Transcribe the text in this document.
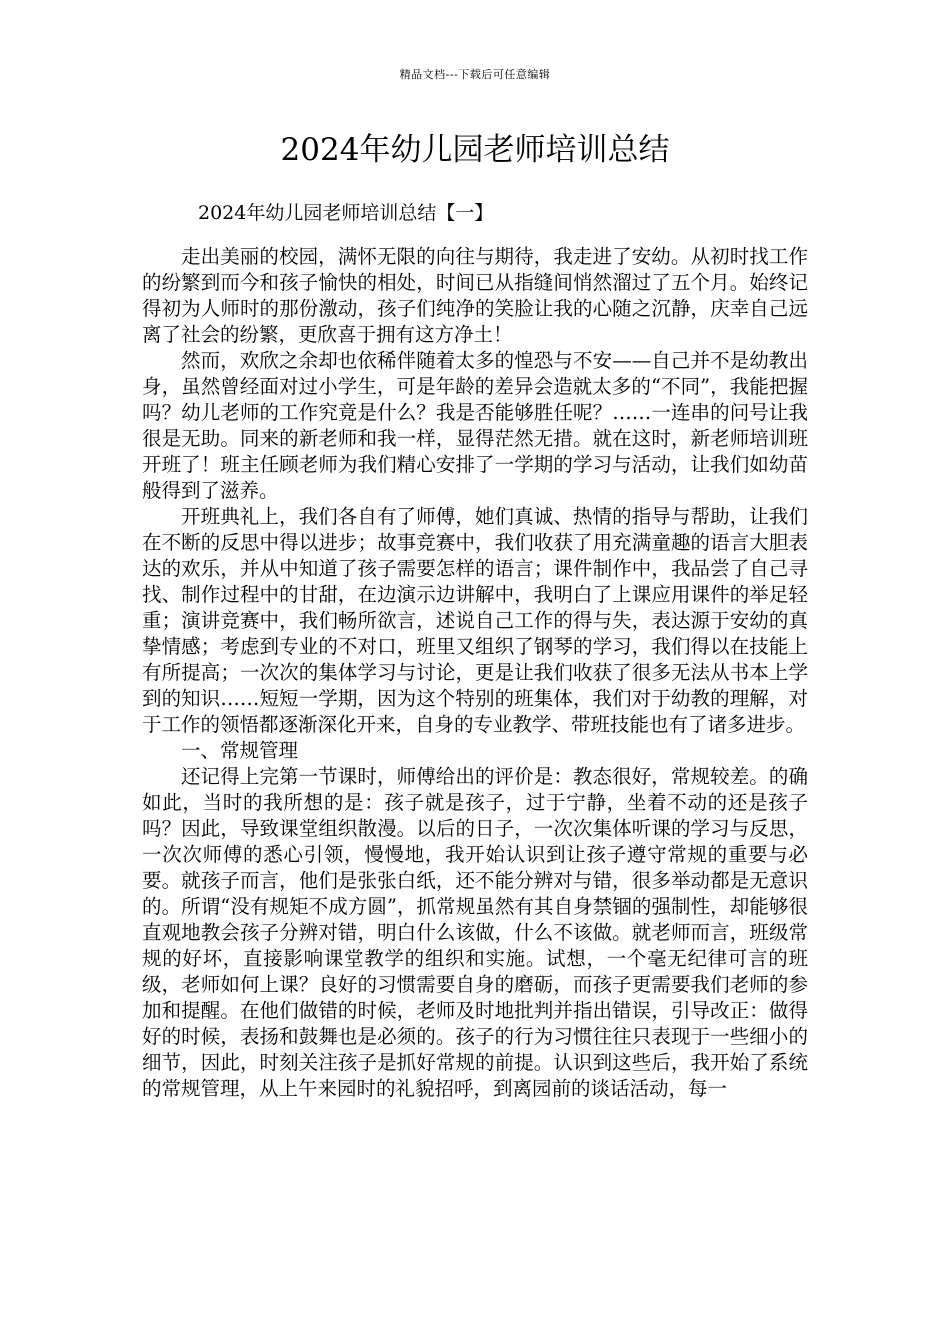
精品文档---下载后可任意编辑
2024年幼儿园老师培训总结
2024年幼儿园老师培训总结【一】

走出美丽的校园，满怀无限的向往与期待，我走进了安幼。从初时找工作的纷繁到而今和孩子愉快的相处，时间已从指缝间悄然溜过了五个月。始终记得初为人师时的那份激动，孩子们纯净的笑脸让我的心随之沉静，庆幸自己远离了社会的纷繁，更欣喜于拥有这方净土！

然而，欢欣之余却也依稀伴随着太多的惶恐与不安——自己并不是幼教出身，虽然曾经面对过小学生，可是年龄的差异会造就太多的“不同”，我能把握吗？幼儿老师的工作究竟是什么？我是否能够胜任呢？……一连串的问号让我很是无助。同来的新老师和我一样，显得茫然无措。就在这时，新老师培训班开班了！班主任顾老师为我们精心安排了一学期的学习与活动，让我们如幼苗般得到了滋养。

开班典礼上，我们各自有了师傅，她们真诚、热情的指导与帮助，让我们在不断的反思中得以进步；故事竞赛中，我们收获了用充满童趣的语言大胆表达的欢乐，并从中知道了孩子需要怎样的语言；课件制作中，我品尝了自己寻找、制作过程中的甘甜，在边演示边讲解中，我明白了上课应用课件的举足轻重；演讲竞赛中，我们畅所欲言，述说自己工作的得与失，表达源于安幼的真挚情感；考虑到专业的不对口，班里又组织了钢琴的学习，我们得以在技能上有所提高；一次次的集体学习与讨论，更是让我们收获了很多无法从书本上学到的知识……短短一学期，因为这个特别的班集体，我们对于幼教的理解，对于工作的领悟都逐渐深化开来，自身的专业教学、带班技能也有了诸多进步。

一、常规管理

还记得上完第一节课时，师傅给出的评价是：教态很好，常规较差。的确如此，当时的我所想的是：孩子就是孩子，过于宁静，坐着不动的还是孩子吗？因此，导致课堂组织散漫。以后的日子，一次次集体听课的学习与反思，一次次师傅的悉心引领，慢慢地，我开始认识到让孩子遵守常规的重要与必要。就孩子而言，他们是张张白纸，还不能分辨对与错，很多举动都是无意识的。所谓“没有规矩不成方圆”，抓常规虽然有其自身禁锢的强制性，却能够很直观地教会孩子分辨对错，明白什么该做，什么不该做。就老师而言，班级常规的好坏，直接影响课堂教学的组织和实施。试想，一个毫无纪律可言的班级，老师如何上课？良好的习惯需要自身的磨砺，而孩子更需要我们老师的参加和提醒。在他们做错的时候，老师及时地批判并指出错误，引导改正：做得好的时候，表扬和鼓舞也是必须的。孩子的行为习惯往往只表现于一些细小的细节，因此，时刻关注孩子是抓好常规的前提。认识到这些后，我开始了系统的常规管理，从上午来园时的礼貌招呼，到离园前的谈话活动，每一
